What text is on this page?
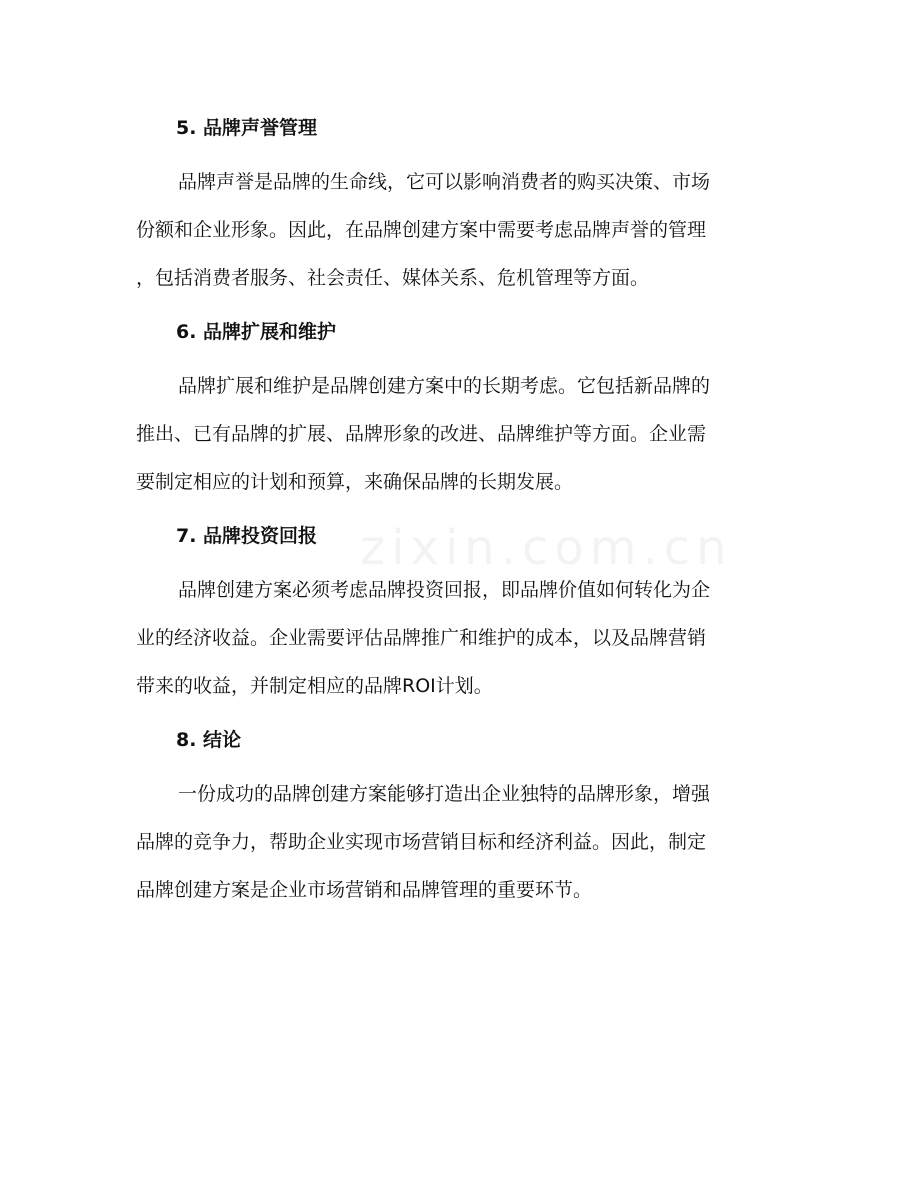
5. 品牌声誉管理
品牌声誉是品牌的生命线，它可以影响消费者的购买决策、市场
份额和企业形象。因此，在品牌创建方案中需要考虑品牌声誉的管理
，包括消费者服务、社会责任、媒体关系、危机管理等方面。
6. 品牌扩展和维护
品牌扩展和维护是品牌创建方案中的长期考虑。它包括新品牌的
推出、已有品牌的扩展、品牌形象的改进、品牌维护等方面。企业需
要制定相应的计划和预算，来确保品牌的长期发展。
7. 品牌投资回报
品牌创建方案必须考虑品牌投资回报，即品牌价值如何转化为企
业的经济收益。企业需要评估品牌推广和维护的成本，以及品牌营销
带来的收益，并制定相应的品牌ROI计划。
8. 结论
一份成功的品牌创建方案能够打造出企业独特的品牌形象，增强
品牌的竞争力，帮助企业实现市场营销目标和经济利益。因此，制定
品牌创建方案是企业市场营销和品牌管理的重要环节。
